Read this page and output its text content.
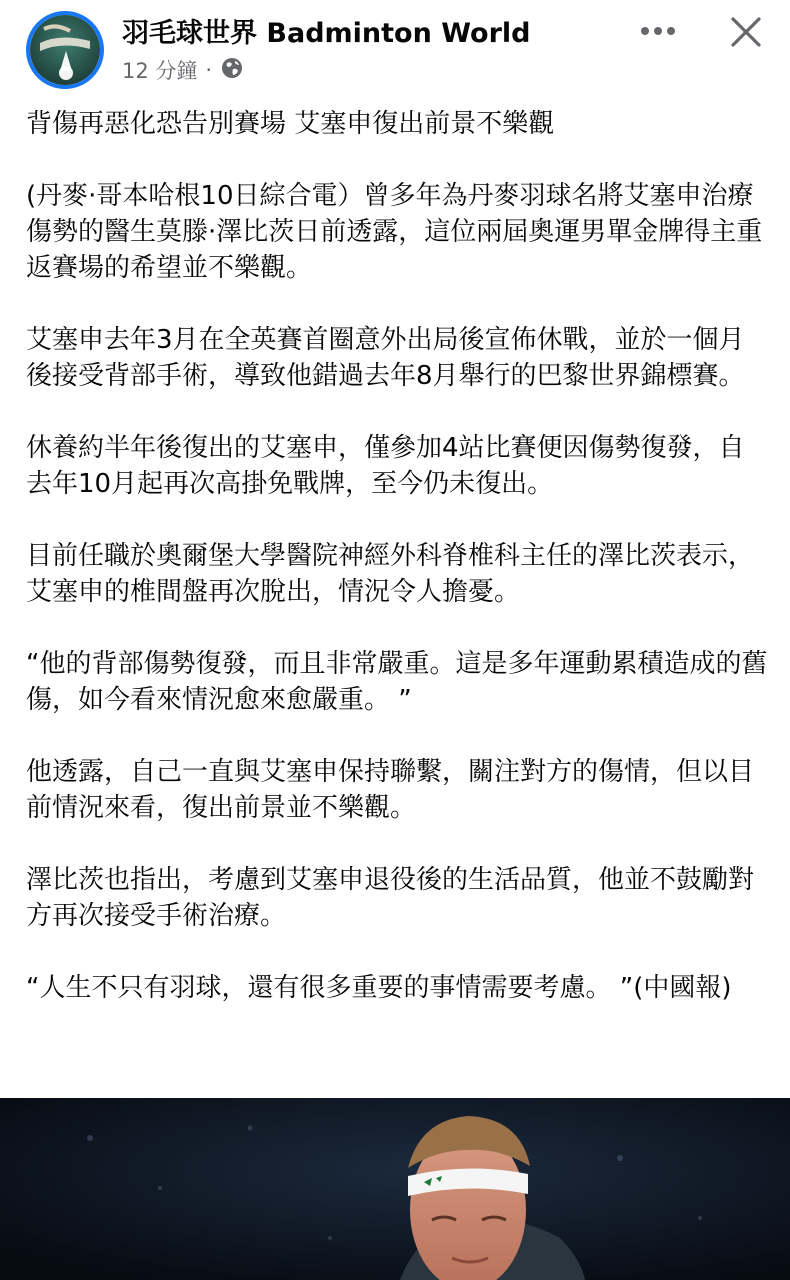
羽毛球世界 Badminton World
12 分鐘 ·

背傷再惡化恐告別賽場 艾塞申復出前景不樂觀

(丹麥·哥本哈根10日綜合電）曾多年為丹麥羽球名將艾塞申治療傷勢的醫生莫滕·澤比茨日前透露，這位兩屆奧運男單金牌得主重返賽場的希望並不樂觀。

艾塞申去年3月在全英賽首圈意外出局後宣佈休戰，並於一個月後接受背部手術，導致他錯過去年8月舉行的巴黎世界錦標賽。

休養約半年後復出的艾塞申，僅參加4站比賽便因傷勢復發，自去年10月起再次高掛免戰牌，至今仍未復出。

目前任職於奧爾堡大學醫院神經外科脊椎科主任的澤比茨表示，艾塞申的椎間盤再次脫出，情況令人擔憂。

“他的背部傷勢復發，而且非常嚴重。這是多年運動累積造成的舊傷，如今看來情況愈來愈嚴重。 ”

他透露，自己一直與艾塞申保持聯繫，關注對方的傷情，但以目前情況來看，復出前景並不樂觀。

澤比茨也指出，考慮到艾塞申退役後的生活品質，他並不鼓勵對方再次接受手術治療。

“人生不只有羽球，還有很多重要的事情需要考慮。 ”(中國報)
